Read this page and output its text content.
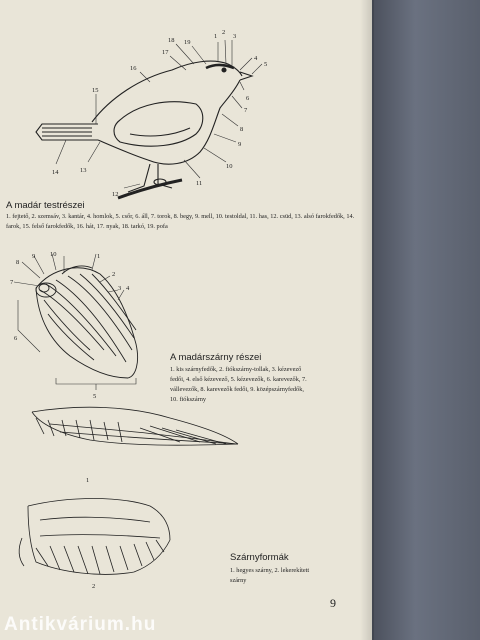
1
2
3
4
5
6
7
8
9
10
11
12
13
14
15
16
17
18 19
1
2
3 4
5
6
7
8
9 10
1
2
A madár testrészei
1. fejtető, 2. szemsáv, 3. kantár, 4. homlok, 5. csőr, 6. áll, 7. torok, 8. begy, 9. mell, 10. testoldal, 11. has, 12. csüd, 13. alsó farokfedők, 14. farok, 15. felső farokfedők, 16. hát, 17. nyak, 18. tarkó, 19. pofa
A madárszárny részei
1. kis szárnyfedők, 2. fiókszárny-tollak, 3. kézevező
fedői, 4. első kézevező, 5. kézevezők, 6. karevezők, 7.
vállevezők, 8. karevezők fedői, 9. középszárnyfedők,
10. fiókszárny
Szárnyformák
1. hegyes szárny, 2. lekerekített
szárny
9
Antikvárium.hu
